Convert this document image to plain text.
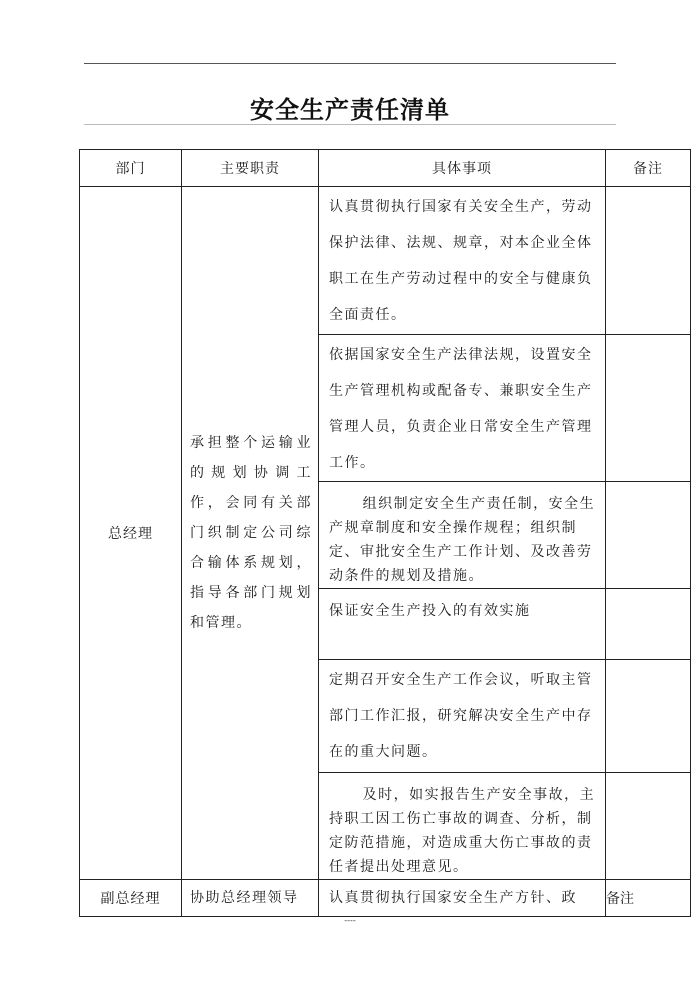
安全生产责任清单
部门	主要职责	具体事项	备注
总经理	承担整个运输业的规划协调工作，会同有关部门织制定公司综合输体系规划，指导各部门规划和管理。	认真贯彻执行国家有关安全生产，劳动保护法律、法规、规章，对本企业全体职工在生产劳动过程中的安全与健康负全面责任。	

		依据国家安全生产法律法规，设置安全生产管理机构或配备专、兼职安全生产管理人员，负责企业日常安全生产管理工作。	

		组织制定安全生产责任制，安全生产规章制度和安全操作规程；组织制定、审批安全生产工作计划、及改善劳动条件的规划及措施。	

		保证安全生产投入的有效实施	

		定期召开安全生产工作会议，听取主管部门工作汇报，研究解决安全生产中存在的重大问题。	

		及时，如实报告生产安全事故，主持职工因工伤亡事故的调查、分析，制定防范措施，对造成重大伤亡事故的责任者提出处理意见。	

副总经理	协助总经理领导	认真贯彻执行国家安全生产方针、政	备注
----
